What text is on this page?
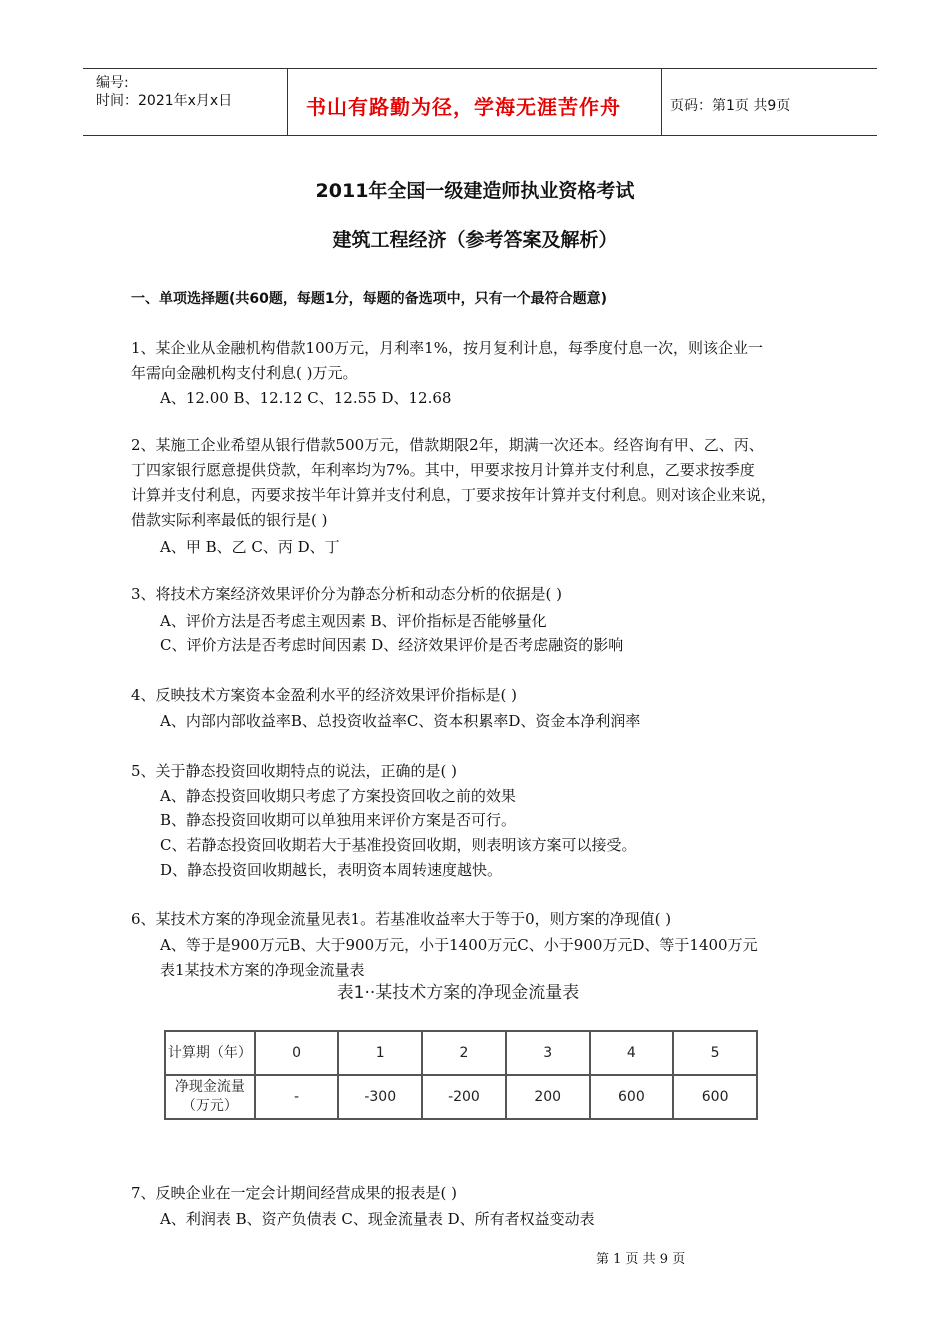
编号:
时间：2021年x月x日	书山有路勤为径，学海无涯苦作舟	页码：第1页 共9页
2011年全国一级建造师执业资格考试
建筑工程经济（参考答案及解析）
一、单项选择题(共60题，每题1分，每题的备选项中，只有一个最符合题意)
1、某企业从金融机构借款100万元，月利率1%，按月复利计息，每季度付息一次，则该企业一
年需向金融机构支付利息( )万元。
A、12.00 B、12.12 C、12.55 D、12.68
2、某施工企业希望从银行借款500万元，借款期限2年，期满一次还本。经咨询有甲、乙、丙、
丁四家银行愿意提供贷款，年利率均为7%。其中，甲要求按月计算并支付利息，乙要求按季度
计算并支付利息，丙要求按半年计算并支付利息，丁要求按年计算并支付利息。则对该企业来说，
借款实际利率最低的银行是( )
A、甲 B、乙 C、丙 D、丁
3、将技术方案经济效果评价分为静态分析和动态分析的依据是( )
A、评价方法是否考虑主观因素 B、评价指标是否能够量化
C、评价方法是否考虑时间因素 D、经济效果评价是否考虑融资的影响
4、反映技术方案资本金盈利水平的经济效果评价指标是( )
A、内部内部收益率B、总投资收益率C、资本积累率D、资金本净利润率
5、关于静态投资回收期特点的说法，正确的是( )
A、静态投资回收期只考虑了方案投资回收之前的效果
B、静态投资回收期可以单独用来评价方案是否可行。
C、若静态投资回收期若大于基准投资回收期，则表明该方案可以接受。
D、静态投资回收期越长，表明资本周转速度越快。
6、某技术方案的净现金流量见表1。若基准收益率大于等于0，则方案的净现值( )
A、等于是900万元B、大于900万元，小于1400万元C、小于900万元D、等于1400万元
表1某技术方案的净现金流量表
表1··某技术方案的净现金流量表
计算期（年）	0	1	2	3	4	5

净现金流量
（万元）	-	-300	-200	200	600	600
7、反映企业在一定会计期间经营成果的报表是( )
A、利润表 B、资产负债表 C、现金流量表 D、所有者权益变动表
第 1 页 共 9 页
